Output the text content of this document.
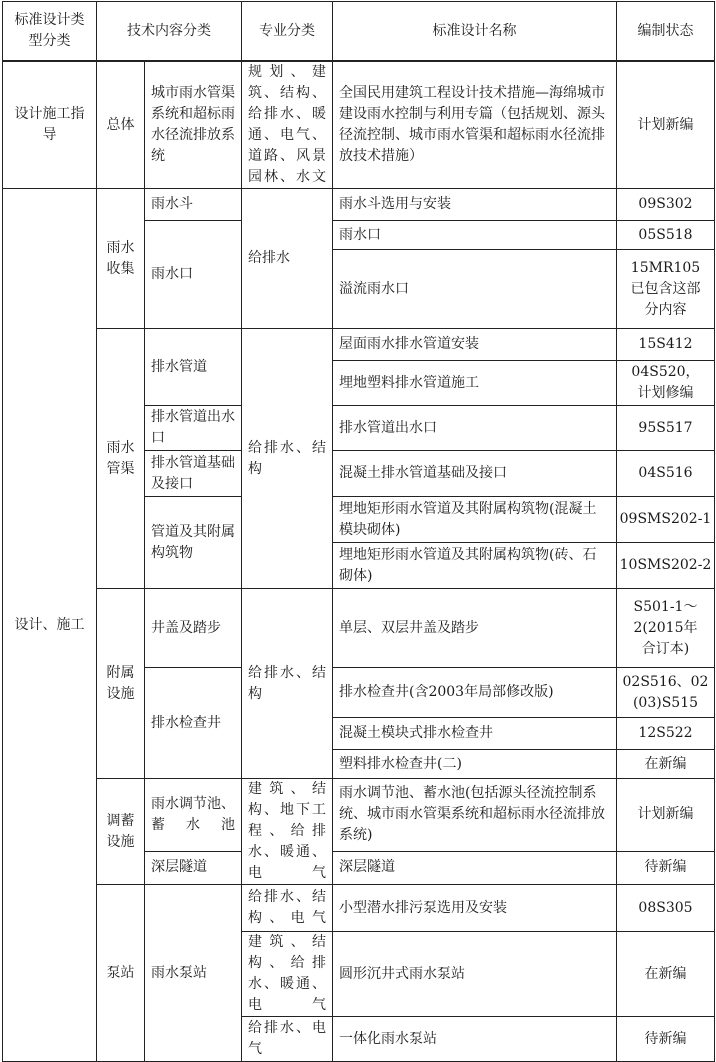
标准设计类型分类	技术内容分类		专业分类	标准设计名称	编制状态
设计施工指导	总体	城市雨水管渠系统和超标雨水径流排放系统	规划、建筑、结构、给排水、暖通、电气、道路、风景园林、水文	全国民用建筑工程设计技术措施—海绵城市建设雨水控制与利用专篇（包括规划、源头径流控制、城市雨水管渠和超标雨水径流排放技术措施）	计划新编
设计、施工	雨水收集	雨水斗	给排水	雨水斗选用与安装	09S302
		雨水口		雨水口	05S518
				溢流雨水口	15MR105已包含这部分内容
	雨水管渠	排水管道	给排水、结构	屋面雨水排水管道安装	15S412
				埋地塑料排水管道施工	04S520，计划修编
		排水管道出水口		排水管道出水口	95S517
		排水管道基础及接口		混凝土排水管道基础及接口	04S516
		管道及其附属构筑物		埋地矩形雨水管道及其附属构筑物(混凝土模块砌体)	09SMS202-1
				埋地矩形雨水管道及其附属构筑物(砖、石砌体)	10SMS202-2
	附属设施	井盖及踏步	给排水、结构	单层、双层井盖及踏步	S501-1～2(2015年合订本)
		排水检查井		排水检查井(含2003年局部修改版)	02S516、02(03)S515
				混凝土模块式排水检查井	12S522
				塑料排水检查井(二)	在新编
	调蓄设施	雨水调节池、蓄水池	建筑、结构、地下工程、给排水、暖通、电气	雨水调节池、蓄水池(包括源头径流控制系统、城市雨水管渠系统和超标雨水径流排放系统)	计划新编
		深层隧道		深层隧道	待新编
	泵站	雨水泵站	给排水、结构、电气	小型潜水排污泵选用及安装	08S305
			建筑、结构、给排水、暖通、电气	圆形沉井式雨水泵站	在新编
			给排水、电气	一体化雨水泵站	待新编
